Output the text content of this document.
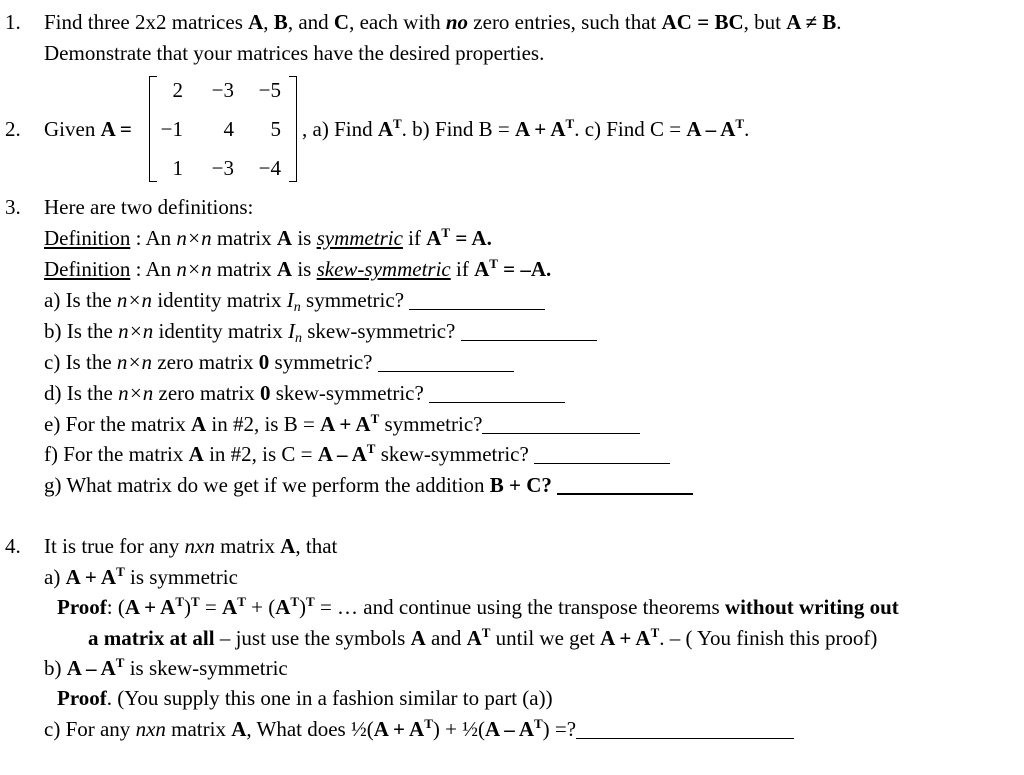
1. Find three 2x2 matrices A, B, and C, each with no zero entries, such that AC = BC, but A ≠ B.
Demonstrate that your matrices have the desired properties.
2. Given A =	, a) Find $A^T$. b) Find $B = A + A^T$. c) Find $C = A - A^T$.
2	−3	−5
−1	4	5
1	−3	−4
3. Here are two definitions:
Definition : An n×n matrix A is symmetric if $A^T = A$.
Definition : An n×n matrix A is skew-symmetric if $A^T = -A$.
a) Is the n×n identity matrix In symmetric?
b) Is the n×n identity matrix In skew-symmetric?
c) Is the n×n zero matrix 0 symmetric?
d) Is the n×n zero matrix 0 skew-symmetric?
e) For the matrix A in #2, is $B = A + A^T$ symmetric?
f) For the matrix A in #2, is $C = A - A^T$ skew-symmetric?
g) What matrix do we get if we perform the addition B + C?
4. It is true for any nxn matrix A, that
a) $A + A^T$ is symmetric
Proof: $(A + A^T)^T = A^T + (A^T)^T$ = … and continue using the transpose theorems without writing out
a matrix at all – just use the symbols A and $A^T$ until we get $A + A^T$. – ( You finish this proof)
b) A – $A^T$ is skew-symmetric
Proof. (You supply this one in a fashion similar to part (a))
c) For any nxn matrix A, What does ½(A + $A^T$) + ½(A – $A^T$) =?
